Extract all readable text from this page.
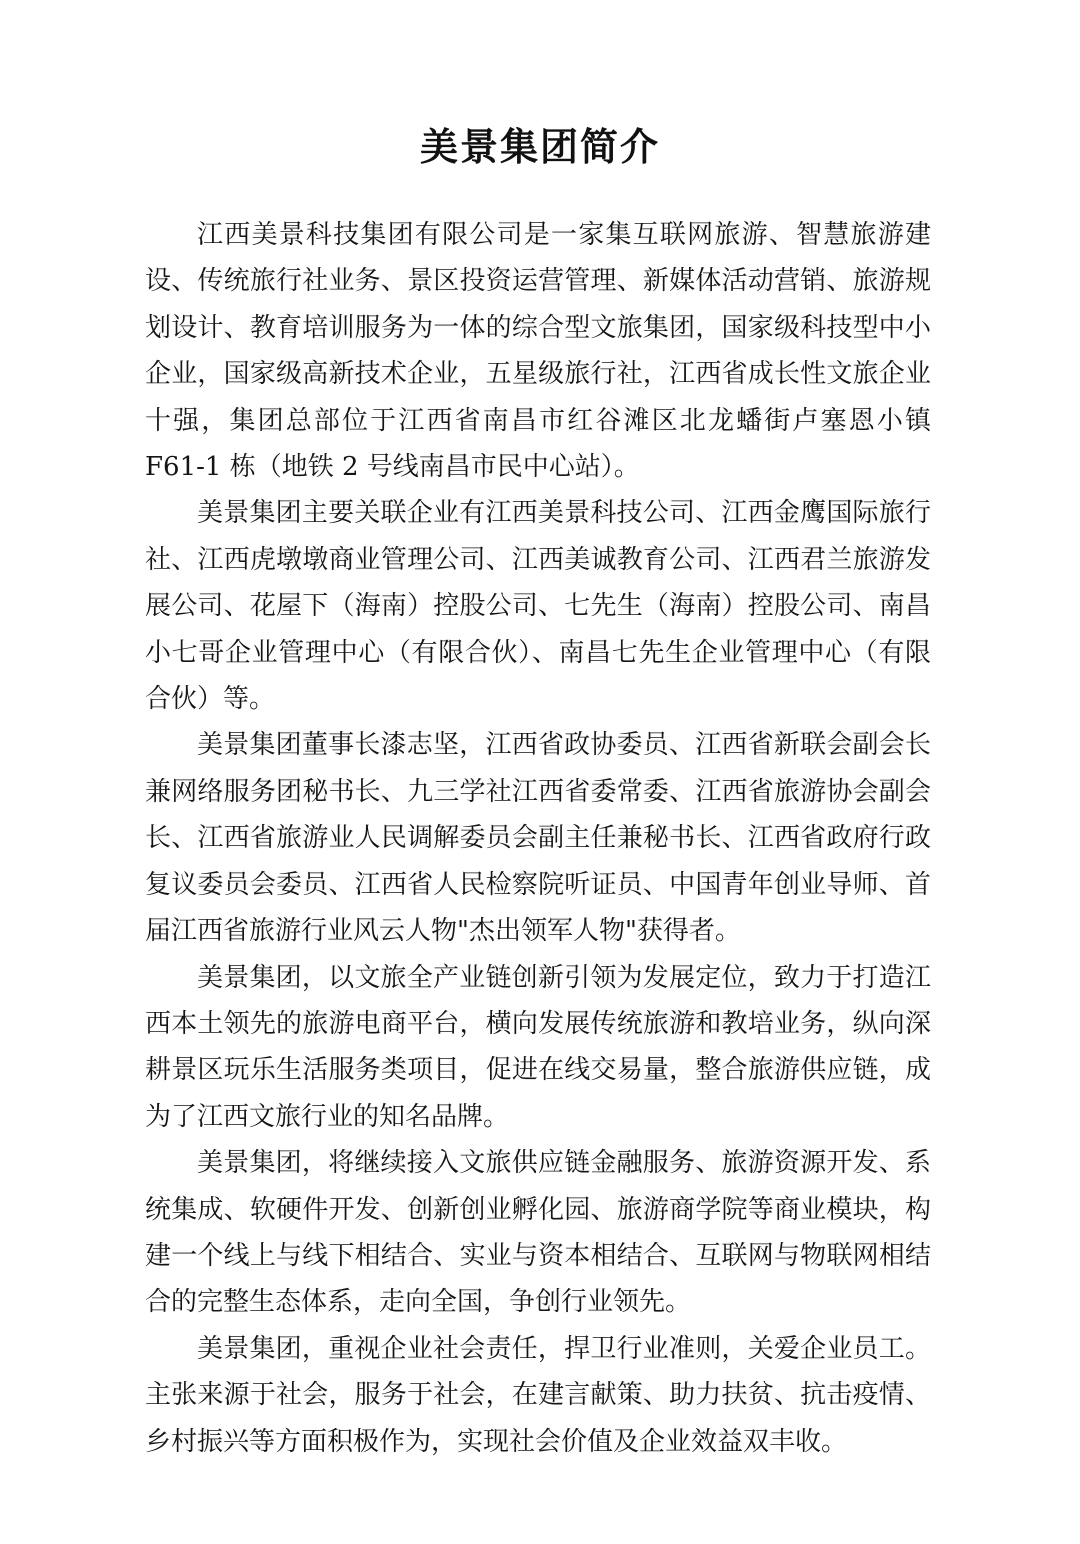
美景集团简介

江西美景科技集团有限公司是一家集互联网旅游、智慧旅游建设、传统旅行社业务、景区投资运营管理、新媒体活动营销、旅游规划设计、教育培训服务为一体的综合型文旅集团，国家级科技型中小企业，国家级高新技术企业，五星级旅行社，江西省成长性文旅企业十强，集团总部位于江西省南昌市红谷滩区北龙蟠街卢塞恩小镇 F61-1 栋（地铁 2 号线南昌市民中心站）。

美景集团主要关联企业有江西美景科技公司、江西金鹰国际旅行社、江西虎墩墩商业管理公司、江西美诚教育公司、江西君兰旅游发展公司、花屋下（海南）控股公司、七先生（海南）控股公司、南昌小七哥企业管理中心（有限合伙）、南昌七先生企业管理中心（有限合伙）等。

美景集团董事长漆志坚，江西省政协委员、江西省新联会副会长兼网络服务团秘书长、九三学社江西省委常委、江西省旅游协会副会长、江西省旅游业人民调解委员会副主任兼秘书长、江西省政府行政复议委员会委员、江西省人民检察院听证员、中国青年创业导师、首届江西省旅游行业风云人物"杰出领军人物"获得者。

美景集团，以文旅全产业链创新引领为发展定位，致力于打造江西本土领先的旅游电商平台，横向发展传统旅游和教培业务，纵向深耕景区玩乐生活服务类项目，促进在线交易量，整合旅游供应链，成为了江西文旅行业的知名品牌。

美景集团，将继续接入文旅供应链金融服务、旅游资源开发、系统集成、软硬件开发、创新创业孵化园、旅游商学院等商业模块，构建一个线上与线下相结合、实业与资本相结合、互联网与物联网相结合的完整生态体系，走向全国，争创行业领先。

美景集团，重视企业社会责任，捍卫行业准则，关爱企业员工。主张来源于社会，服务于社会，在建言献策、助力扶贫、抗击疫情、乡村振兴等方面积极作为，实现社会价值及企业效益双丰收。
